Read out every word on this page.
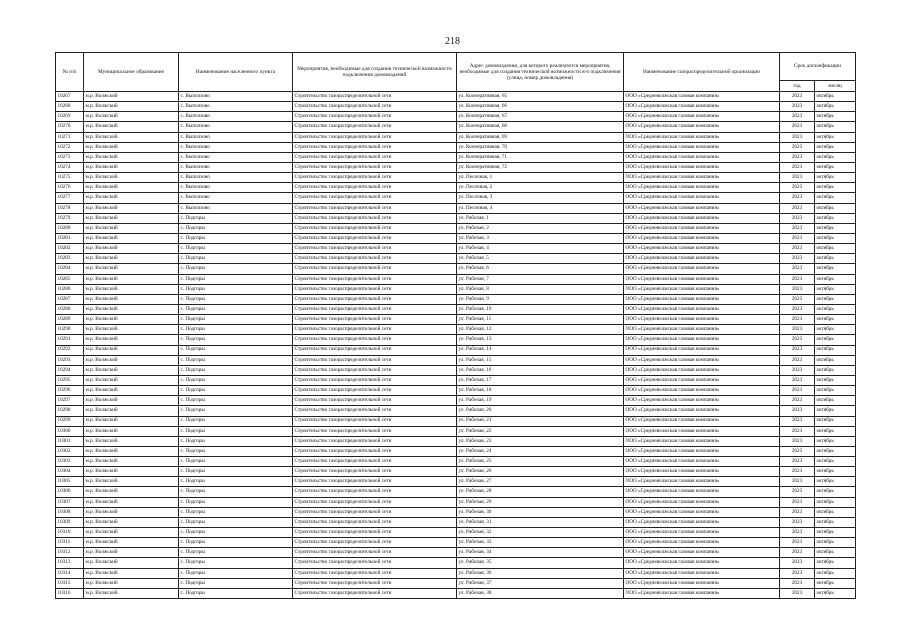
218
№ п/п	Муниципальное образование	Наименование населенного пункта	Мероприятия, необходимые для создания технической возможности подключения домовладений	Адрес домовладения, для которого реализуются мероприятия, необходимые для создания технической возможности его подключения (улица, номер домовладения)	Наименование газораспределительной организации	Срок догазификации	
						год	месяц
10267	м.р. Волжский	с. Выползово	Строительство газораспределительной сети	ул. Кооперативная, 65	ООО «Средневолжская газовая компания»	2023	октябрь
10268	м.р. Волжский	с. Выползово	Строительство газораспределительной сети	ул. Кооперативная, 66	ООО «Средневолжская газовая компания»	2023	октябрь
10269	м.р. Волжский	с. Выползово	Строительство газораспределительной сети	ул. Кооперативная, 67	ООО «Средневолжская газовая компания»	2023	октябрь
10270	м.р. Волжский	с. Выползово	Строительство газораспределительной сети	ул. Кооперативная, 68	ООО «Средневолжская газовая компания»	2023	октябрь
10271	м.р. Волжский	с. Выползово	Строительство газораспределительной сети	ул. Кооперативная, 69	ООО «Средневолжская газовая компания»	2023	октябрь
10272	м.р. Волжский	с. Выползово	Строительство газораспределительной сети	ул. Кооперативная, 70	ООО «Средневолжская газовая компания»	2023	октябрь
10273	м.р. Волжский	с. Выползово	Строительство газораспределительной сети	ул. Кооперативная, 71	ООО «Средневолжская газовая компания»	2023	октябрь
10274	м.р. Волжский	с. Выползово	Строительство газораспределительной сети	ул. Кооперативная, 72	ООО «Средневолжская газовая компания»	2023	октябрь
10275	м.р. Волжский	с. Выползово	Строительство газораспределительной сети	ул. Песочная, 1	ООО «Средневолжская газовая компания»	2023	октябрь
10276	м.р. Волжский	с. Выползово	Строительство газораспределительной сети	ул. Песочная, 2	ООО «Средневолжская газовая компания»	2023	октябрь
10277	м.р. Волжский	с. Выползово	Строительство газораспределительной сети	ул. Песочная, 3	ООО «Средневолжская газовая компания»	2023	октябрь
10278	м.р. Волжский	с. Выползово	Строительство газораспределительной сети	ул. Песочная, 4	ООО «Средневолжская газовая компания»	2023	октябрь
10279	м.р. Волжский	с. Подгоры	Строительство газораспределительной сети	ул. Рабочая, 1	ООО «Средневолжская газовая компания»	2023	октябрь
10280	м.р. Волжский	с. Подгоры	Строительство газораспределительной сети	ул. Рабочая, 2	ООО «Средневолжская газовая компания»	2023	октябрь
10281	м.р. Волжский	с. Подгоры	Строительство газораспределительной сети	ул. Рабочая, 3	ООО «Средневолжская газовая компания»	2023	октябрь
10282	м.р. Волжский	с. Подгоры	Строительство газораспределительной сети	ул. Рабочая, 4	ООО «Средневолжская газовая компания»	2023	октябрь
10283	м.р. Волжский	с. Подгоры	Строительство газораспределительной сети	ул. Рабочая, 5	ООО «Средневолжская газовая компания»	2023	октябрь
10284	м.р. Волжский	с. Подгоры	Строительство газораспределительной сети	ул. Рабочая, 6	ООО «Средневолжская газовая компания»	2023	октябрь
10285	м.р. Волжский	с. Подгоры	Строительство газораспределительной сети	ул. Рабочая, 7	ООО «Средневолжская газовая компания»	2023	октябрь
10286	м.р. Волжский	с. Подгоры	Строительство газораспределительной сети	ул. Рабочая, 8	ООО «Средневолжская газовая компания»	2023	октябрь
10287	м.р. Волжский	с. Подгоры	Строительство газораспределительной сети	ул. Рабочая, 9	ООО «Средневолжская газовая компания»	2023	октябрь
10288	м.р. Волжский	с. Подгоры	Строительство газораспределительной сети	ул. Рабочая, 10	ООО «Средневолжская газовая компания»	2023	октябрь
10289	м.р. Волжский	с. Подгоры	Строительство газораспределительной сети	ул. Рабочая, 11	ООО «Средневолжская газовая компания»	2023	октябрь
10290	м.р. Волжский	с. Подгоры	Строительство газораспределительной сети	ул. Рабочая, 12	ООО «Средневолжская газовая компания»	2023	октябрь
10291	м.р. Волжский	с. Подгоры	Строительство газораспределительной сети	ул. Рабочая, 13	ООО «Средневолжская газовая компания»	2023	октябрь
10292	м.р. Волжский	с. Подгоры	Строительство газораспределительной сети	ул. Рабочая, 14	ООО «Средневолжская газовая компания»	2023	октябрь
10293	м.р. Волжский	с. Подгоры	Строительство газораспределительной сети	ул. Рабочая, 15	ООО «Средневолжская газовая компания»	2023	октябрь
10294	м.р. Волжский	с. Подгоры	Строительство газораспределительной сети	ул. Рабочая, 16	ООО «Средневолжская газовая компания»	2023	октябрь
10295	м.р. Волжский	с. Подгоры	Строительство газораспределительной сети	ул. Рабочая, 17	ООО «Средневолжская газовая компания»	2023	октябрь
10296	м.р. Волжский	с. Подгоры	Строительство газораспределительной сети	ул. Рабочая, 18	ООО «Средневолжская газовая компания»	2023	октябрь
10297	м.р. Волжский	с. Подгоры	Строительство газораспределительной сети	ул. Рабочая, 19	ООО «Средневолжская газовая компания»	2023	октябрь
10298	м.р. Волжский	с. Подгоры	Строительство газораспределительной сети	ул. Рабочая, 20	ООО «Средневолжская газовая компания»	2023	октябрь
10299	м.р. Волжский	с. Подгоры	Строительство газораспределительной сети	ул. Рабочая, 21	ООО «Средневолжская газовая компания»	2023	октябрь
10300	м.р. Волжский	с. Подгоры	Строительство газораспределительной сети	ул. Рабочая, 22	ООО «Средневолжская газовая компания»	2023	октябрь
10301	м.р. Волжский	с. Подгоры	Строительство газораспределительной сети	ул. Рабочая, 23	ООО «Средневолжская газовая компания»	2023	октябрь
10302	м.р. Волжский	с. Подгоры	Строительство газораспределительной сети	ул. Рабочая, 24	ООО «Средневолжская газовая компания»	2023	октябрь
10303	м.р. Волжский	с. Подгоры	Строительство газораспределительной сети	ул. Рабочая, 25	ООО «Средневолжская газовая компания»	2023	октябрь
10304	м.р. Волжский	с. Подгоры	Строительство газораспределительной сети	ул. Рабочая, 26	ООО «Средневолжская газовая компания»	2023	октябрь
10305	м.р. Волжский	с. Подгоры	Строительство газораспределительной сети	ул. Рабочая, 27	ООО «Средневолжская газовая компания»	2023	октябрь
10306	м.р. Волжский	с. Подгоры	Строительство газораспределительной сети	ул. Рабочая, 28	ООО «Средневолжская газовая компания»	2023	октябрь
10307	м.р. Волжский	с. Подгоры	Строительство газораспределительной сети	ул. Рабочая, 29	ООО «Средневолжская газовая компания»	2023	октябрь
10308	м.р. Волжский	с. Подгоры	Строительство газораспределительной сети	ул. Рабочая, 30	ООО «Средневолжская газовая компания»	2023	октябрь
10309	м.р. Волжский	с. Подгоры	Строительство газораспределительной сети	ул. Рабочая, 31	ООО «Средневолжская газовая компания»	2023	октябрь
10310	м.р. Волжский	с. Подгоры	Строительство газораспределительной сети	ул. Рабочая, 32	ООО «Средневолжская газовая компания»	2023	октябрь
10311	м.р. Волжский	с. Подгоры	Строительство газораспределительной сети	ул. Рабочая, 33	ООО «Средневолжская газовая компания»	2023	октябрь
10312	м.р. Волжский	с. Подгоры	Строительство газораспределительной сети	ул. Рабочая, 34	ООО «Средневолжская газовая компания»	2023	октябрь
10313	м.р. Волжский	с. Подгоры	Строительство газораспределительной сети	ул. Рабочая, 35	ООО «Средневолжская газовая компания»	2023	октябрь
10314	м.р. Волжский	с. Подгоры	Строительство газораспределительной сети	ул. Рабочая, 36	ООО «Средневолжская газовая компания»	2023	октябрь
10315	м.р. Волжский	с. Подгоры	Строительство газораспределительной сети	ул. Рабочая, 37	ООО «Средневолжская газовая компания»	2023	октябрь
10316	м.р. Волжский	с. Подгоры	Строительство газораспределительной сети	ул. Рабочая, 38	ООО «Средневолжская газовая компания»	2023	октябрь
